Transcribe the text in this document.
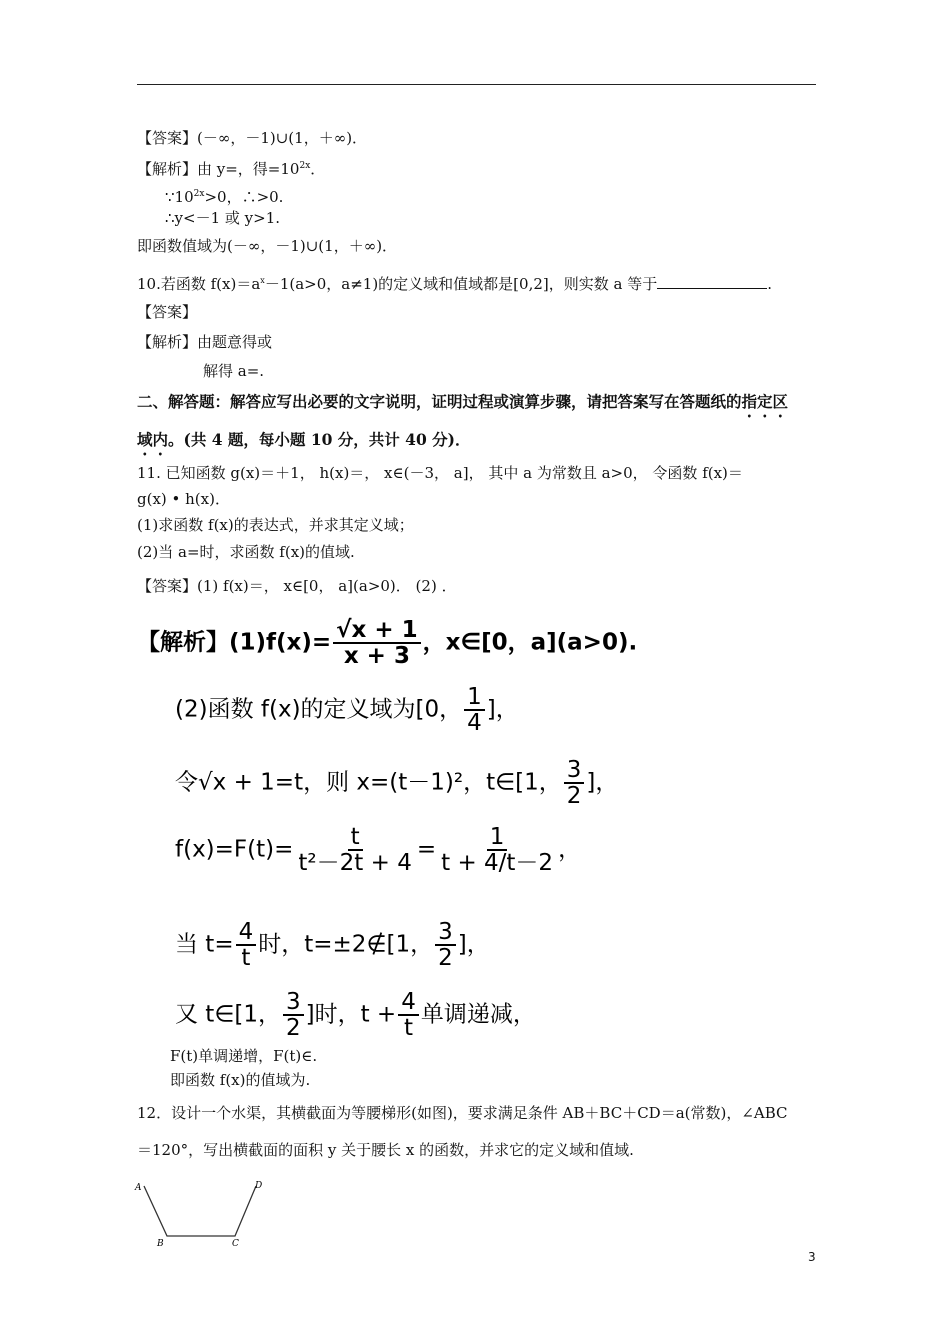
【答案】(－∞，－1)∪(1，＋∞)．
【解析】由 y=，得$=10^{2x}$．
$\because 10^{2x}>0$，∴>0.
∴y<－1 或 y>1.
即函数值域为(－∞，－1)∪(1，＋∞)．
10.若函数 $f(x)=a^x-1(a>0$，a≠1)的定义域和值域都是[0,2]，则实数 a 等于	.
【答案】
【解析】由题意得或
解得 a=.
二、解答题：解答应写出必要的文字说明，证明过程或演算步骤，请把答案写在答题纸的指定区
域内。(共 4 题，每小题 10 分，共计 40 分)．
11. 已知函数 g(x)＝＋1， h(x)＝， x∈(－3， a]， 其中 a 为常数且 a>0， 令函数 f(x)＝
g(x) • h(x)．
(1)求函数 f(x)的表达式，并求其定义域；
(2)当 a=时，求函数 f(x)的值域.
【答案】(1) f(x)＝， x∈[0， a](a>0)． (2) ．
【解析】$(1)f(x)= \frac{√x + 1}{x + 3}$ ，x∈[0，a](a>0).
(2)函数 f(x)的定义域为[0， $\frac{1}{4}$ ]，
令√x + 1=t，则 x=(t－1)²，t∈[1， $\frac{3}{2}$ ]，
$f(x)=F(t)= \frac{t}{\text{t²－2t + 4}} = \frac{1}{t + 4/t-2}$ ，
当 $t= \frac{4}{t}$ 时，t=±2∉[1， $\frac{3}{2}$ ]，
又 t∈[1， $\frac{3}{2}$ ]时，$t + \frac{4}{t}$ 单调递减，
F(t)单调递增，F(t)∈.
即函数 f(x)的值域为.
12．设计一个水渠，其横截面为等腰梯形(如图)，要求满足条件 AB＋BC＋CD＝a(常数)，∠ABC
＝120°，写出横截面的面积 y 关于腰长 x 的函数，并求它的定义域和值域.
A
B	C
D
3
